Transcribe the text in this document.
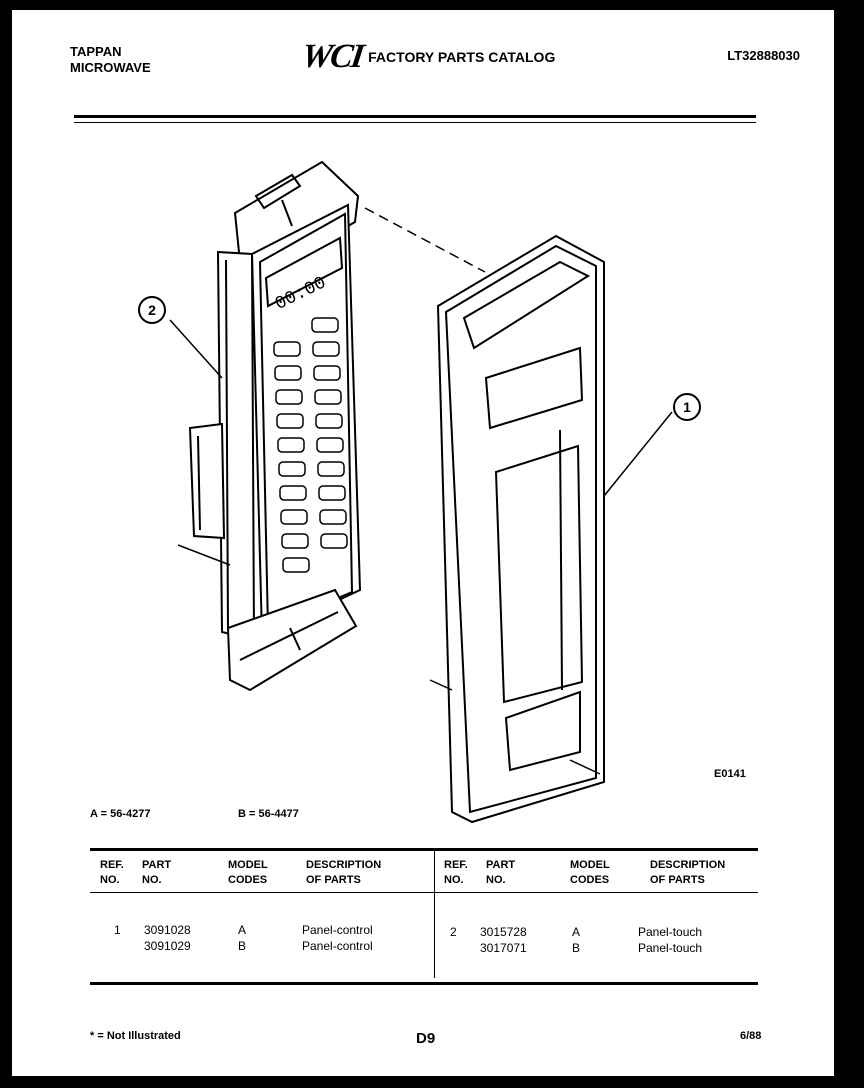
TAPPAN
MICROWAVE	WCI FACTORY PARTS CATALOG	LT32888030
00:00
2
1
E0141
A = 56-4277	B = 56-4477
REF.
NO.
PART
NO.
MODEL
CODES
DESCRIPTION
OF PARTS
REF.
NO.
PART
NO.
MODEL
CODES
DESCRIPTION
OF PARTS
1 3091028	A	Panel-control
3091029	B	Panel-control
2 3015728	A	Panel-touch
3017071	B	Panel-touch
* = Not Illustrated	D9	6/88
